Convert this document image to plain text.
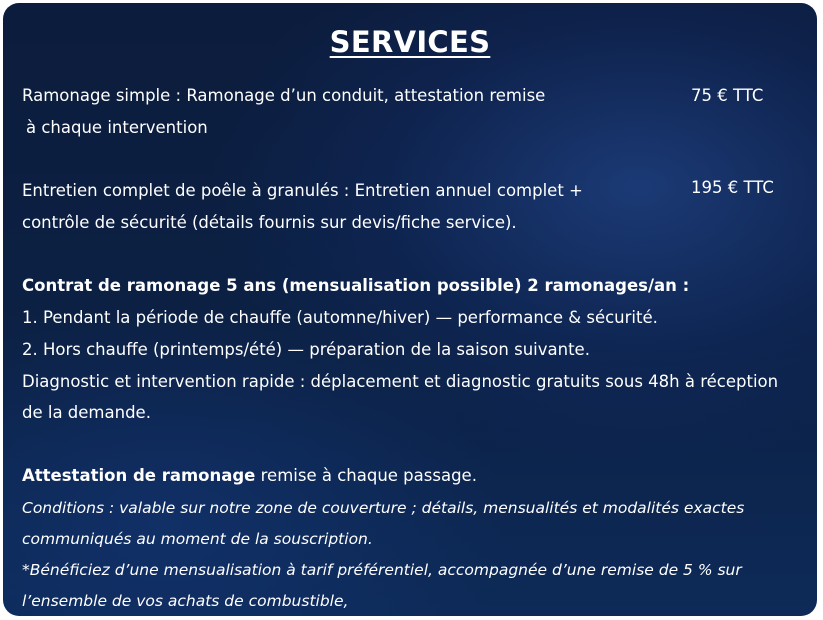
SERVICES
Ramonage simple : Ramonage d’un conduit, attestation remise
à chaque intervention
75 € TTC
Entretien complet de poêle à granulés : Entretien annuel complet +
contrôle de sécurité (détails fournis sur devis/fiche service).
195 € TTC
Contrat de ramonage 5 ans (mensualisation possible) 2 ramonages/an :
1. Pendant la période de chauffe (automne/hiver) — performance & sécurité.
2. Hors chauffe (printemps/été) — préparation de la saison suivante.
Diagnostic et intervention rapide : déplacement et diagnostic gratuits sous 48h à réception
de la demande.
Attestation de ramonage remise à chaque passage.
Conditions : valable sur notre zone de couverture ; détails, mensualités et modalités exactes
communiqués au moment de la souscription.
*Bénéficiez d’une mensualisation à tarif préférentiel, accompagnée d’une remise de 5 % sur
l’ensemble de vos achats de combustible,
